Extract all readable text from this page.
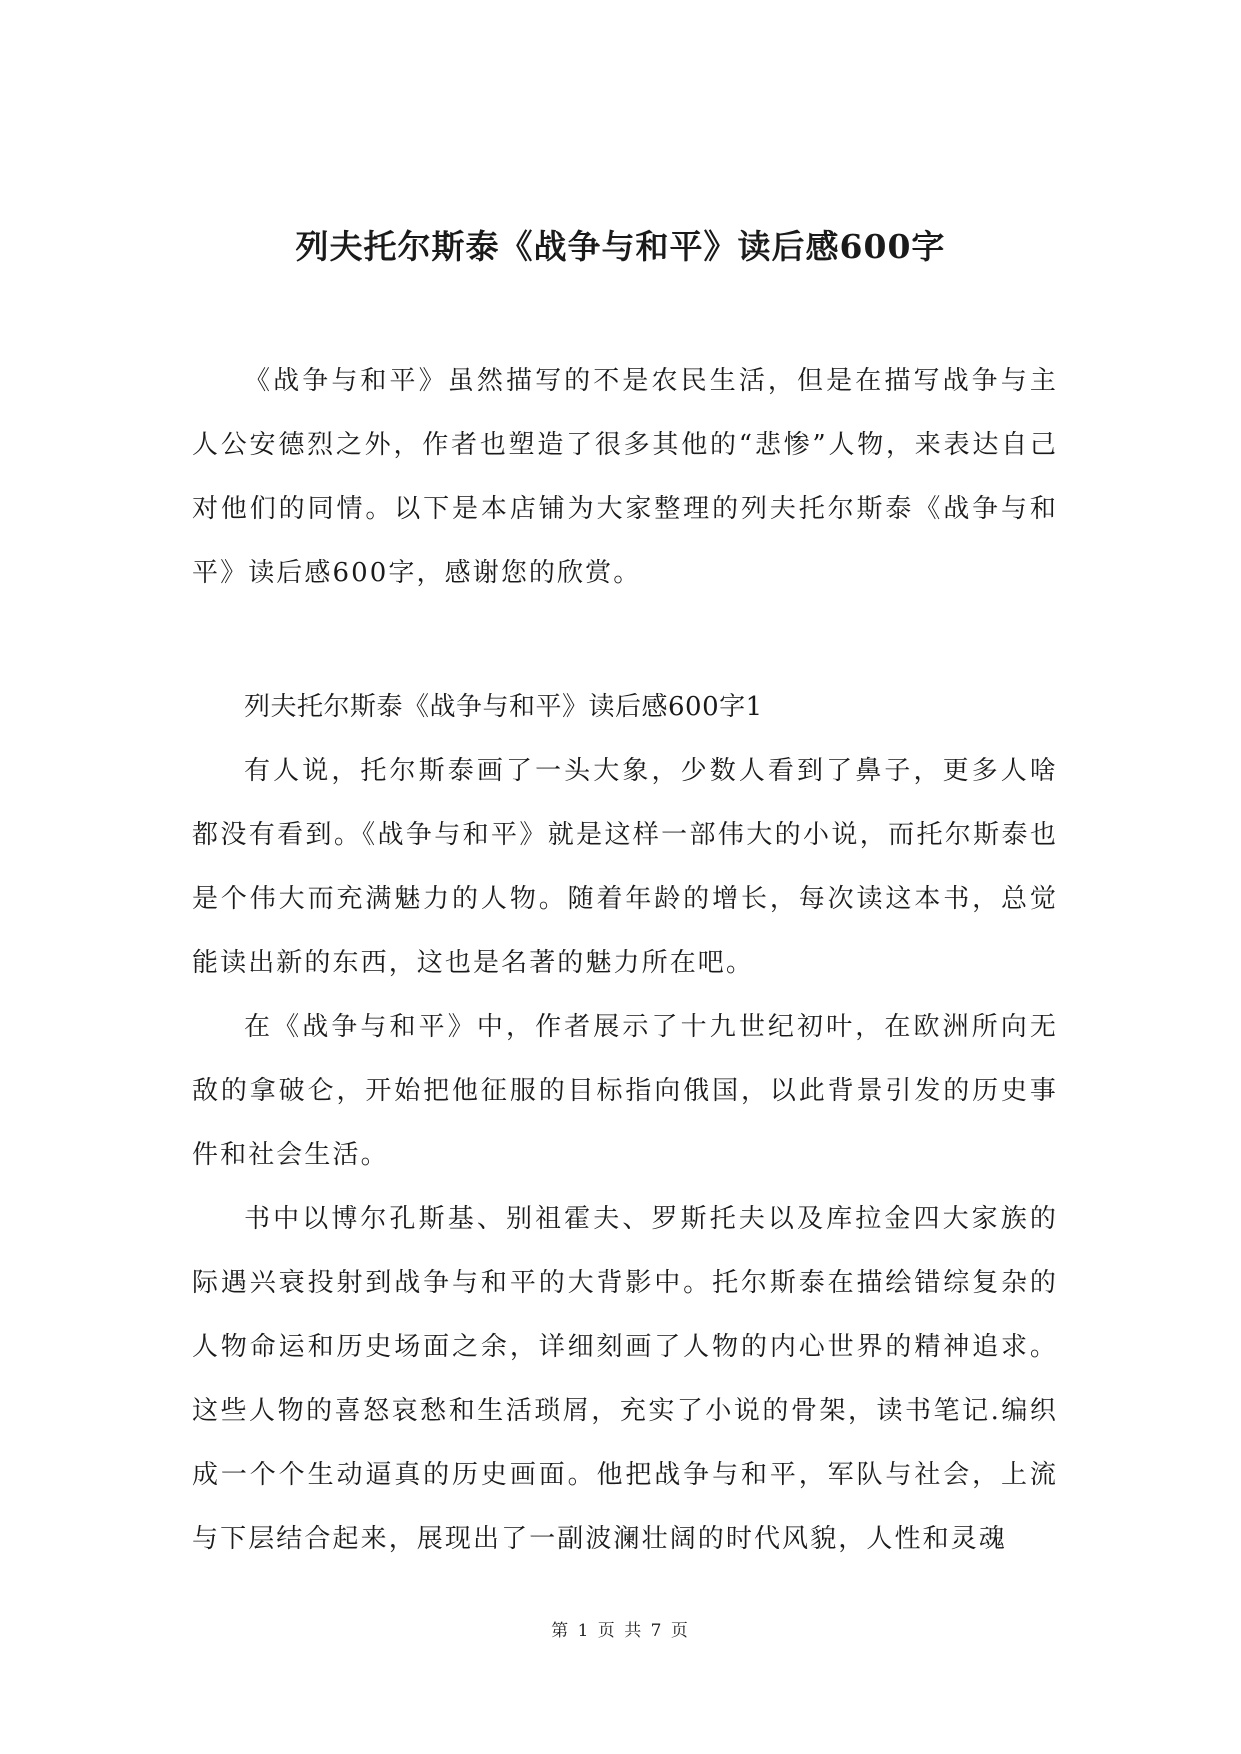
列夫托尔斯泰《战争与和平》读后感600字

《战争与和平》虽然描写的不是农民生活，但是在描写战争与主人公安德烈之外，作者也塑造了很多其他的“悲惨”人物，来表达自己对他们的同情。以下是本店铺为大家整理的列夫托尔斯泰《战争与和平》读后感600字，感谢您的欣赏。

列夫托尔斯泰《战争与和平》读后感600字1

有人说，托尔斯泰画了一头大象，少数人看到了鼻子，更多人啥都没有看到。《战争与和平》就是这样一部伟大的小说，而托尔斯泰也是个伟大而充满魅力的人物。随着年龄的增长，每次读这本书，总觉能读出新的东西，这也是名著的魅力所在吧。

在《战争与和平》中，作者展示了十九世纪初叶，在欧洲所向无敌的拿破仑，开始把他征服的目标指向俄国，以此背景引发的历史事件和社会生活。

书中以博尔孔斯基、别祖霍夫、罗斯托夫以及库拉金四大家族的际遇兴衰投射到战争与和平的大背影中。托尔斯泰在描绘错综复杂的人物命运和历史场面之余，详细刻画了人物的内心世界的精神追求。这些人物的喜怒哀愁和生活琐屑，充实了小说的骨架，读书笔记.编织成一个个生动逼真的历史画面。他把战争与和平，军队与社会，上流与下层结合起来，展现出了一副波澜壮阔的时代风貌，人性和灵魂

第 1 页 共 7 页
